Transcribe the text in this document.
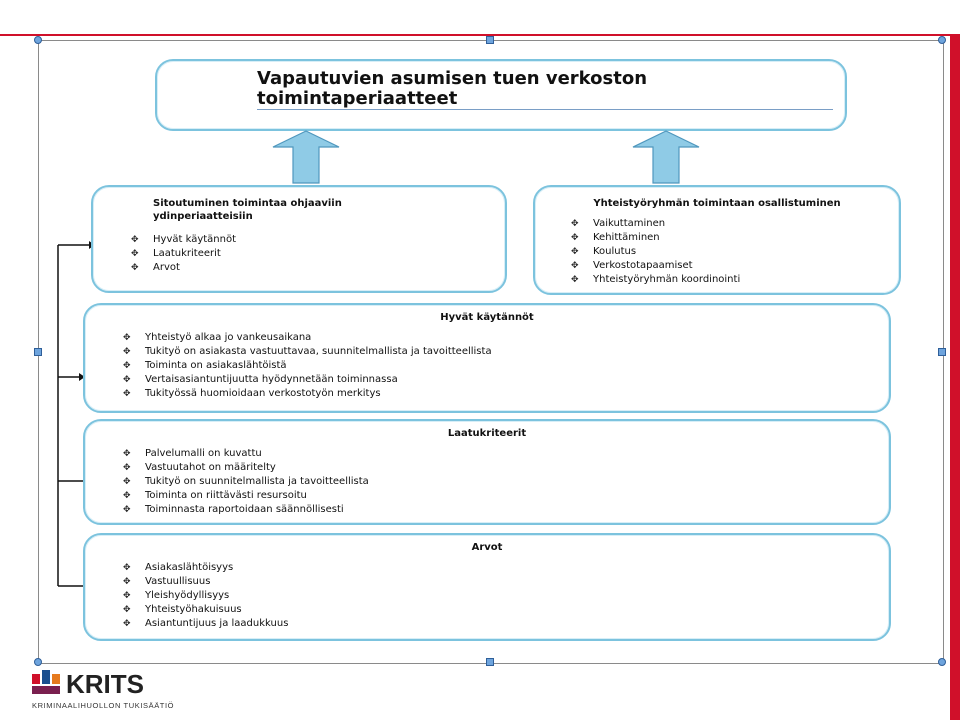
Vapautuvien asumisen tuen verkoston toimintaperiaatteet
Sitoutuminen toimintaa ohjaaviin ydinperiaatteisiin
✥ Hyvät käytännöt
✥ Laatukriteerit
✥ Arvot
Yhteistyöryhmän toimintaan osallistuminen
✥ Vaikuttaminen
✥ Kehittäminen
✥ Koulutus
✥ Verkostotapaamiset
✥ Yhteistyöryhmän koordinointi
Hyvät käytännöt
✥ Yhteistyö alkaa jo vankeusaikana
✥ Tukityö on asiakasta vastuuttavaa, suunnitelmallista ja tavoitteellista
✥ Toiminta on asiakaslähtöistä
✥ Vertaisasiantuntijuutta hyödynnetään toiminnassa
✥ Tukityössä huomioidaan verkostotyön merkitys
Laatukriteerit
✥ Palvelumalli on kuvattu
✥ Vastuutahot on määritelty
✥ Tukityö on suunnitelmallista ja tavoitteellista
✥ Toiminta on riittävästi resursoitu
✥ Toiminnasta raportoidaan säännöllisesti
Arvot
✥ Asiakaslähtöisyys
✥ Vastuullisuus
✥ Yleishyödyllisyys
✥ Yhteistyöhakuisuus
✥ Asiantuntijuus ja laadukkuus
KRITS
KRIMINAALIHUOLLON TUKISÄÄTIÖ
